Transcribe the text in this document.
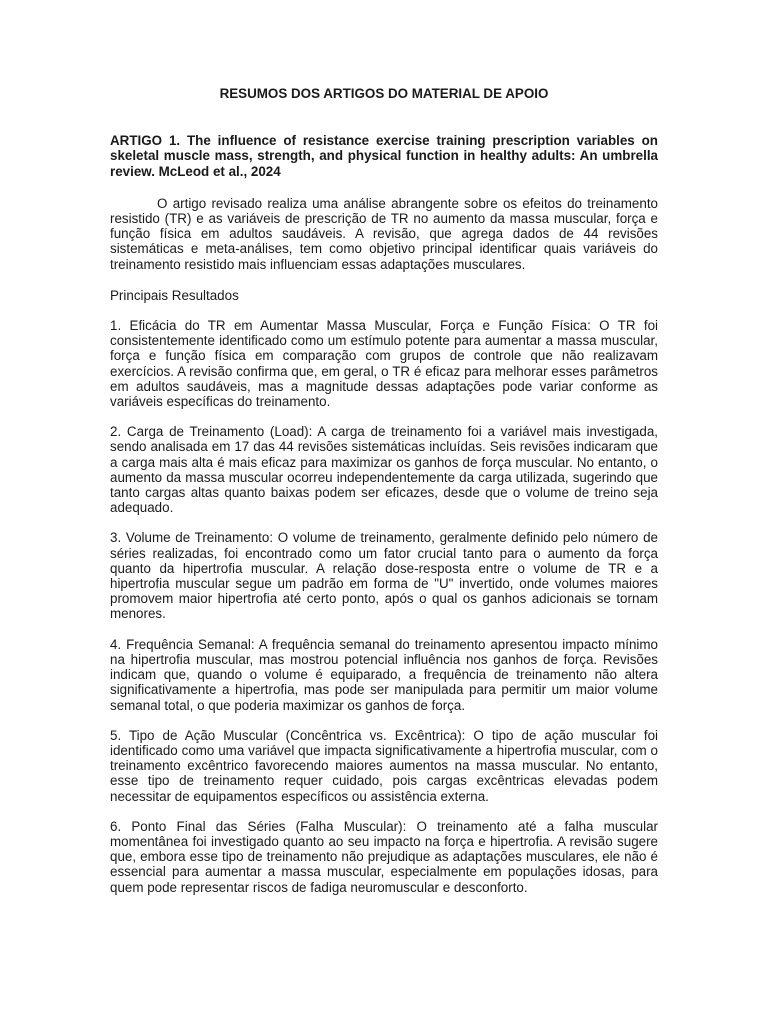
RESUMOS DOS ARTIGOS DO MATERIAL DE APOIO

ARTIGO 1. The influence of resistance exercise training prescription variables on skeletal muscle mass, strength, and physical function in healthy adults: An umbrella review. McLeod et al., 2024

O artigo revisado realiza uma análise abrangente sobre os efeitos do treinamento resistido (TR) e as variáveis de prescrição de TR no aumento da massa muscular, força e função física em adultos saudáveis. A revisão, que agrega dados de 44 revisões sistemáticas e meta-análises, tem como objetivo principal identificar quais variáveis do treinamento resistido mais influenciam essas adaptações musculares.

Principais Resultados

1. Eficácia do TR em Aumentar Massa Muscular, Força e Função Física: O TR foi consistentemente identificado como um estímulo potente para aumentar a massa muscular, força e função física em comparação com grupos de controle que não realizavam exercícios. A revisão confirma que, em geral, o TR é eficaz para melhorar esses parâmetros em adultos saudáveis, mas a magnitude dessas adaptações pode variar conforme as variáveis específicas do treinamento.

2. Carga de Treinamento (Load): A carga de treinamento foi a variável mais investigada, sendo analisada em 17 das 44 revisões sistemáticas incluídas. Seis revisões indicaram que a carga mais alta é mais eficaz para maximizar os ganhos de força muscular. No entanto, o aumento da massa muscular ocorreu independentemente da carga utilizada, sugerindo que tanto cargas altas quanto baixas podem ser eficazes, desde que o volume de treino seja adequado.

3. Volume de Treinamento: O volume de treinamento, geralmente definido pelo número de séries realizadas, foi encontrado como um fator crucial tanto para o aumento da força quanto da hipertrofia muscular. A relação dose-resposta entre o volume de TR e a hipertrofia muscular segue um padrão em forma de "U" invertido, onde volumes maiores promovem maior hipertrofia até certo ponto, após o qual os ganhos adicionais se tornam menores.

4. Frequência Semanal: A frequência semanal do treinamento apresentou impacto mínimo na hipertrofia muscular, mas mostrou potencial influência nos ganhos de força. Revisões indicam que, quando o volume é equiparado, a frequência de treinamento não altera significativamente a hipertrofia, mas pode ser manipulada para permitir um maior volume semanal total, o que poderia maximizar os ganhos de força.

5. Tipo de Ação Muscular (Concêntrica vs. Excêntrica): O tipo de ação muscular foi identificado como uma variável que impacta significativamente a hipertrofia muscular, com o treinamento excêntrico favorecendo maiores aumentos na massa muscular. No entanto, esse tipo de treinamento requer cuidado, pois cargas excêntricas elevadas podem necessitar de equipamentos específicos ou assistência externa.

6. Ponto Final das Séries (Falha Muscular): O treinamento até a falha muscular momentânea foi investigado quanto ao seu impacto na força e hipertrofia. A revisão sugere que, embora esse tipo de treinamento não prejudique as adaptações musculares, ele não é essencial para aumentar a massa muscular, especialmente em populações idosas, para quem pode representar riscos de fadiga neuromuscular e desconforto.
